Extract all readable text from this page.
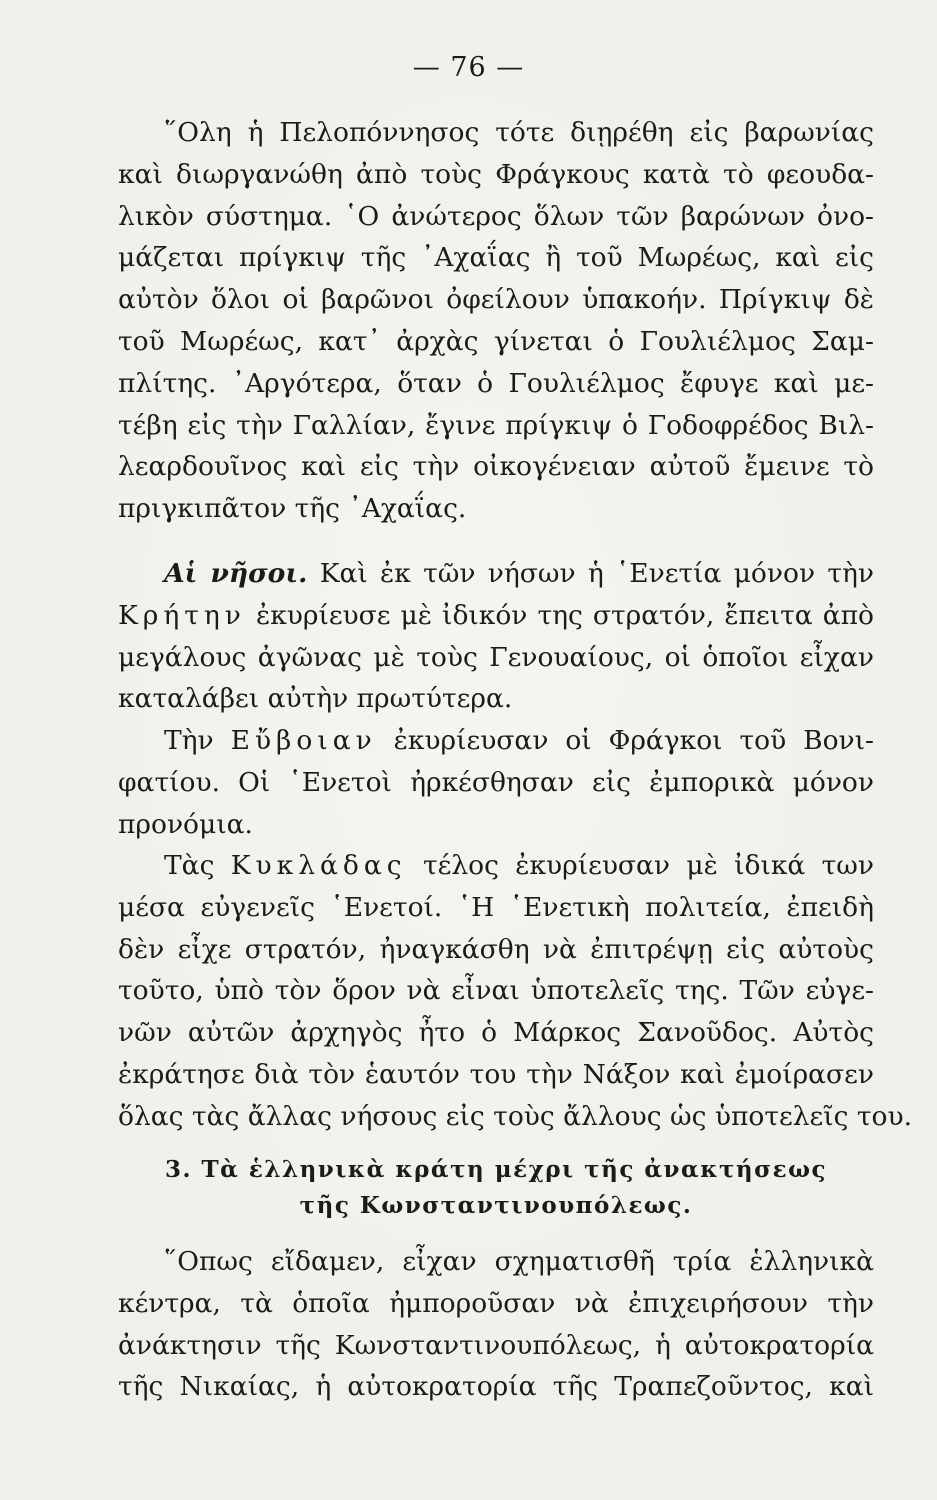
— 76 —
῞Ολη ἡ Πελοπόννησος τότε διῃρέθη εἰς βαρωνίας
καὶ διωργανώθη ἀπὸ τοὺς Φράγκους κατὰ τὸ φεουδα-
λικὸν σύστημα. ῾Ο ἀνώτερος ὅλων τῶν βαρώνων ὀνο-
μάζεται πρίγκιψ τῆς ᾿Αχαΐας ἢ τοῦ Μωρέως, καὶ εἰς
αὐτὸν ὅλοι οἱ βαρῶνοι ὀφείλουν ὑπακοήν. Πρίγκιψ δὲ
τοῦ Μωρέως, κατ᾿ ἀρχὰς γίνεται ὁ Γουλιέλμος Σαμ-
πλίτης. ᾿Αργότερα, ὅταν ὁ Γουλιέλμος ἔφυγε καὶ με-
τέβη εἰς τὴν Γαλλίαν, ἔγινε πρίγκιψ ὁ Γοδοφρέδος Βιλ-
λεαρδουῖνος καὶ εἰς τὴν οἰκογένειαν αὐτοῦ ἔμεινε τὸ
πριγκιπᾶτον τῆς ᾿Αχαΐας.
Αἱ νῆσοι. Καὶ ἐκ τῶν νήσων ἡ ῾Ενετία μόνον τὴν
Κρήτην ἐκυρίευσε μὲ ἰδικόν της στρατόν, ἔπειτα ἀπὸ
μεγάλους ἀγῶνας μὲ τοὺς Γενουαίους, οἱ ὁποῖοι εἶχαν
καταλάβει αὐτὴν πρωτύτερα.
Τὴν Εὔβοιαν ἐκυρίευσαν οἱ Φράγκοι τοῦ Βονι-
φατίου. Οἱ ῾Ενετοὶ ἠρκέσθησαν εἰς ἐμπορικὰ μόνον
προνόμια.
Τὰς Κυκλάδας τέλος ἐκυρίευσαν μὲ ἰδικά των
μέσα εὐγενεῖς ῾Ενετοί. ῾Η ῾Ενετικὴ πολιτεία, ἐπειδὴ
δὲν εἶχε στρατόν, ἠναγκάσθη νὰ ἐπιτρέψῃ εἰς αὐτοὺς
τοῦτο, ὑπὸ τὸν ὅρον νὰ εἶναι ὑποτελεῖς της. Τῶν εὐγε-
νῶν αὐτῶν ἀρχηγὸς ἦτο ὁ Μάρκος Σανοῦδος. Αὐτὸς
ἐκράτησε διὰ τὸν ἑαυτόν του τὴν Νάξον καὶ ἐμοίρασεν
ὅλας τὰς ἄλλας νήσους εἰς τοὺς ἄλλους ὡς ὑποτελεῖς του.
3. Τὰ ἑλληνικὰ κράτη μέχρι τῆς ἀνακτήσεως
τῆς Κωνσταντινουπόλεως.
῞Οπως εἴδαμεν, εἶχαν σχηματισθῆ τρία ἑλληνικὰ
κέντρα, τὰ ὁποῖα ἠμποροῦσαν νὰ ἐπιχειρήσουν τὴν
ἀνάκτησιν τῆς Κωνσταντινουπόλεως, ἡ αὐτοκρατορία
τῆς Νικαίας, ἡ αὐτοκρατορία τῆς Τραπεζοῦντος, καὶ
